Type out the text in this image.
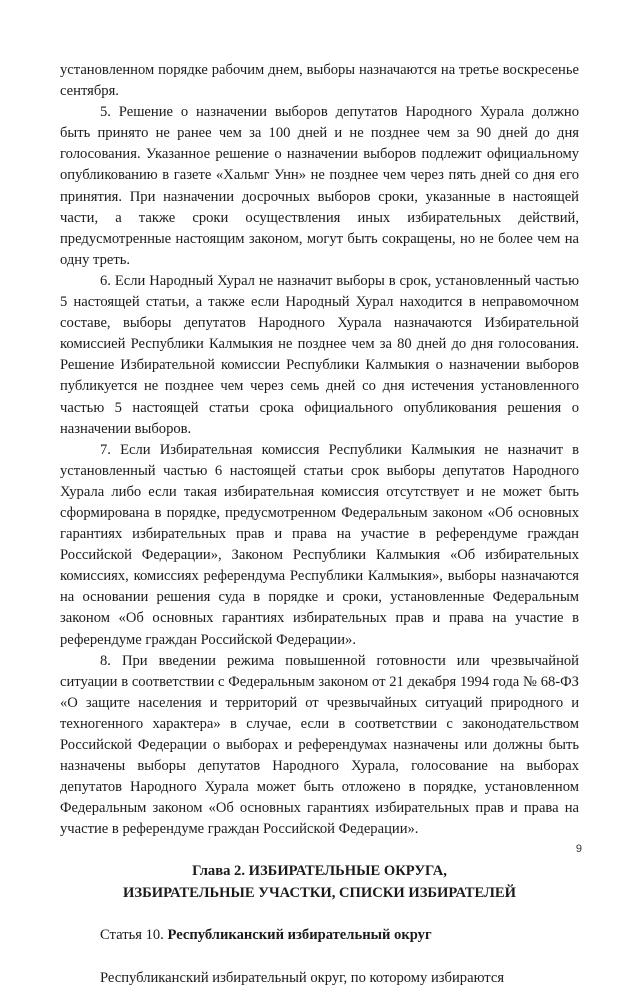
установленном порядке рабочим днем, выборы назначаются на третье воскресенье сентября.

5. Решение о назначении выборов депутатов Народного Хурала должно быть принято не ранее чем за 100 дней и не позднее чем за 90 дней до дня голосования. Указанное решение о назначении выборов подлежит официальному опубликованию в газете «Хальмг Унн» не позднее чем через пять дней со дня его принятия. При назначении досрочных выборов сроки, указанные в настоящей части, а также сроки осуществления иных избирательных действий, предусмотренные настоящим законом, могут быть сокращены, но не более чем на одну треть.

6. Если Народный Хурал не назначит выборы в срок, установленный частью 5 настоящей статьи, а также если Народный Хурал находится в неправомочном составе, выборы депутатов Народного Хурала назначаются Избирательной комиссией Республики Калмыкия не позднее чем за 80 дней до дня голосования. Решение Избирательной комиссии Республики Калмыкия о назначении выборов публикуется не позднее чем через семь дней со дня истечения установленного частью 5 настоящей статьи срока официального опубликования решения о назначении выборов.

7. Если Избирательная комиссия Республики Калмыкия не назначит в установленный частью 6 настоящей статьи срок выборы депутатов Народного Хурала либо если такая избирательная комиссия отсутствует и не может быть сформирована в порядке, предусмотренном Федеральным законом «Об основных гарантиях избирательных прав и права на участие в референдуме граждан Российской Федерации», Законом Республики Калмыкия «Об избирательных комиссиях, комиссиях референдума Республики Калмыкия», выборы назначаются на основании решения суда в порядке и сроки, установленные Федеральным законом «Об основных гарантиях избирательных прав и права на участие в референдуме граждан Российской Федерации».

8. При введении режима повышенной готовности или чрезвычайной ситуации в соответствии с Федеральным законом от 21 декабря 1994 года № 68-ФЗ «О защите населения и территорий от чрезвычайных ситуаций природного и техногенного характера» в случае, если в соответствии с законодательством Российской Федерации о выборах и референдумах назначены или должны быть назначены выборы депутатов Народного Хурала, голосование на выборах депутатов Народного Хурала может быть отложено в порядке, установленном Федеральным законом «Об основных гарантиях избирательных прав и права на участие в референдуме граждан Российской Федерации».

Глава 2. ИЗБИРАТЕЛЬНЫЕ ОКРУГА,
ИЗБИРАТЕЛЬНЫЕ УЧАСТКИ, СПИСКИ ИЗБИРАТЕЛЕЙ

Статья 10. Республиканский избирательный округ

Республиканский избирательный округ, по которому избираются

9
